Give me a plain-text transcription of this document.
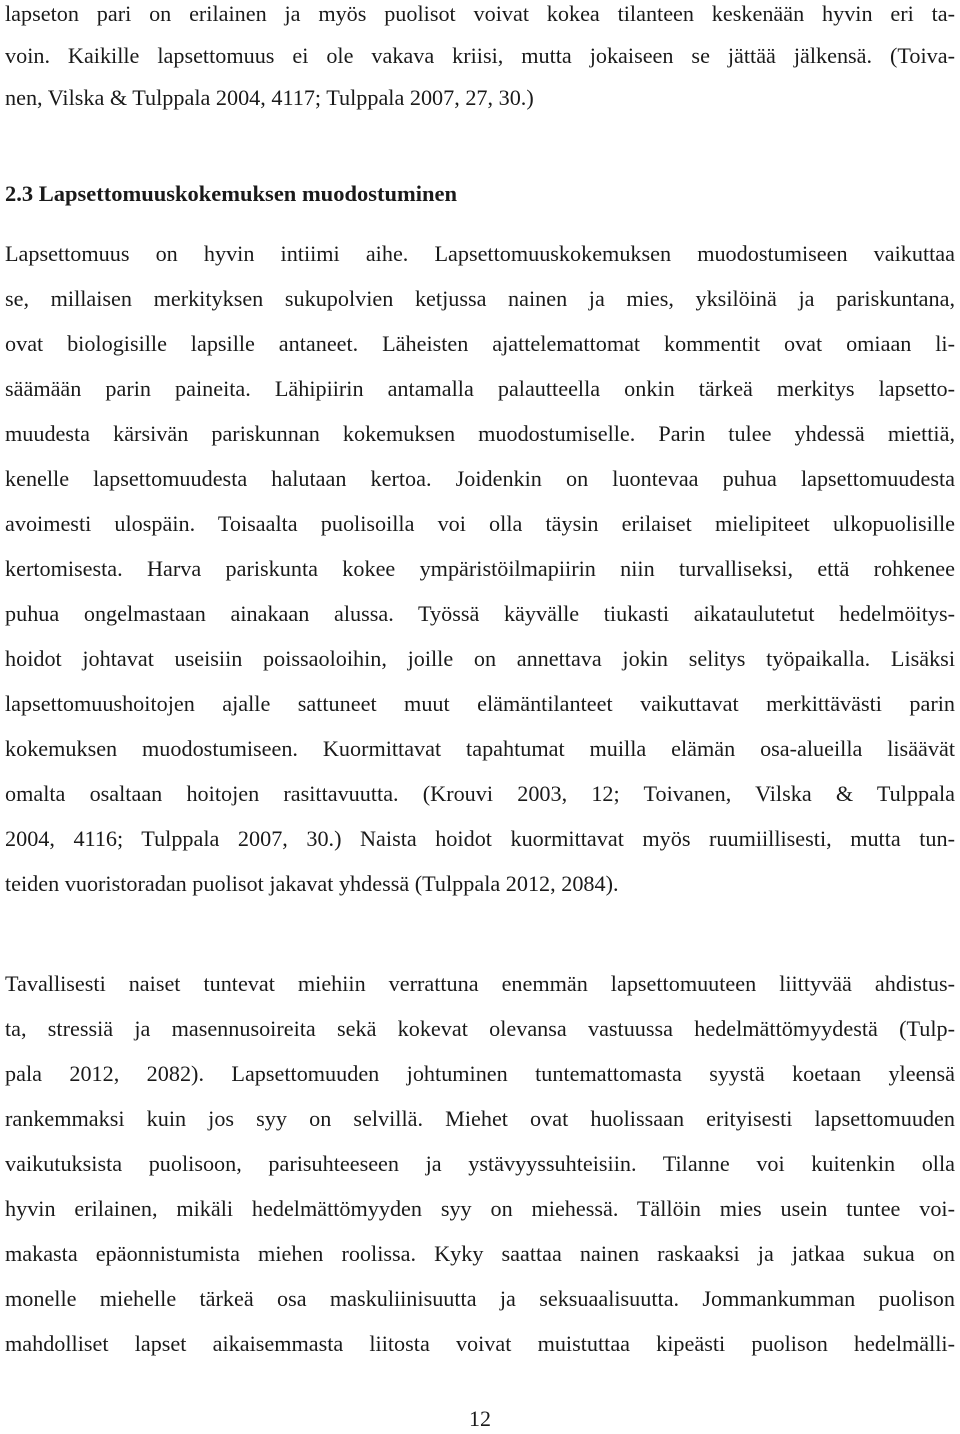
lapseton pari on erilainen ja myös puolisot voivat kokea tilanteen keskenään hyvin eri ta-
voin. Kaikille lapsettomuus ei ole vakava kriisi, mutta jokaiseen se jättää jälkensä. (Toiva-
nen, Vilska & Tulppala 2004, 4117; Tulppala 2007, 27, 30.)
2.3 Lapsettomuuskokemuksen muodostuminen
Lapsettomuus on hyvin intiimi aihe. Lapsettomuuskokemuksen muodostumiseen vaikuttaa
se, millaisen merkityksen sukupolvien ketjussa nainen ja mies, yksilöinä ja pariskuntana,
ovat biologisille lapsille antaneet. Läheisten ajattelemattomat kommentit ovat omiaan li-
säämään parin paineita. Lähipiirin antamalla palautteella onkin tärkeä merkitys lapsetto-
muudesta kärsivän pariskunnan kokemuksen muodostumiselle. Parin tulee yhdessä miettiä,
kenelle lapsettomuudesta halutaan kertoa. Joidenkin on luontevaa puhua lapsettomuudesta
avoimesti ulospäin. Toisaalta puolisoilla voi olla täysin erilaiset mielipiteet ulkopuolisille
kertomisesta. Harva pariskunta kokee ympäristöilmapiirin niin turvalliseksi, että rohkenee
puhua ongelmastaan ainakaan alussa. Työssä käyvälle tiukasti aikataulutetut hedelmöitys-
hoidot johtavat useisiin poissaoloihin, joille on annettava jokin selitys työpaikalla. Lisäksi
lapsettomuushoitojen ajalle sattuneet muut elämäntilanteet vaikuttavat merkittävästi parin
kokemuksen muodostumiseen. Kuormittavat tapahtumat muilla elämän osa-alueilla lisäävät
omalta osaltaan hoitojen rasittavuutta. (Krouvi 2003, 12; Toivanen, Vilska & Tulppala
2004, 4116; Tulppala 2007, 30.) Naista hoidot kuormittavat myös ruumiillisesti, mutta tun-
teiden vuoristoradan puolisot jakavat yhdessä (Tulppala 2012, 2084).
Tavallisesti naiset tuntevat miehiin verrattuna enemmän lapsettomuuteen liittyvää ahdistus-
ta, stressiä ja masennusoireita sekä kokevat olevansa vastuussa hedelmättömyydestä (Tulp-
pala 2012, 2082). Lapsettomuuden johtuminen tuntemattomasta syystä koetaan yleensä
rankemmaksi kuin jos syy on selvillä. Miehet ovat huolissaan erityisesti lapsettomuuden
vaikutuksista puolisoon, parisuhteeseen ja ystävyyssuhteisiin. Tilanne voi kuitenkin olla
hyvin erilainen, mikäli hedelmättömyyden syy on miehessä. Tällöin mies usein tuntee voi-
makasta epäonnistumista miehen roolissa. Kyky saattaa nainen raskaaksi ja jatkaa sukua on
monelle miehelle tärkeä osa maskuliinisuutta ja seksuaalisuutta. Jommankumman puolison
mahdolliset lapset aikaisemmasta liitosta voivat muistuttaa kipeästi puolison hedelmälli-
12
